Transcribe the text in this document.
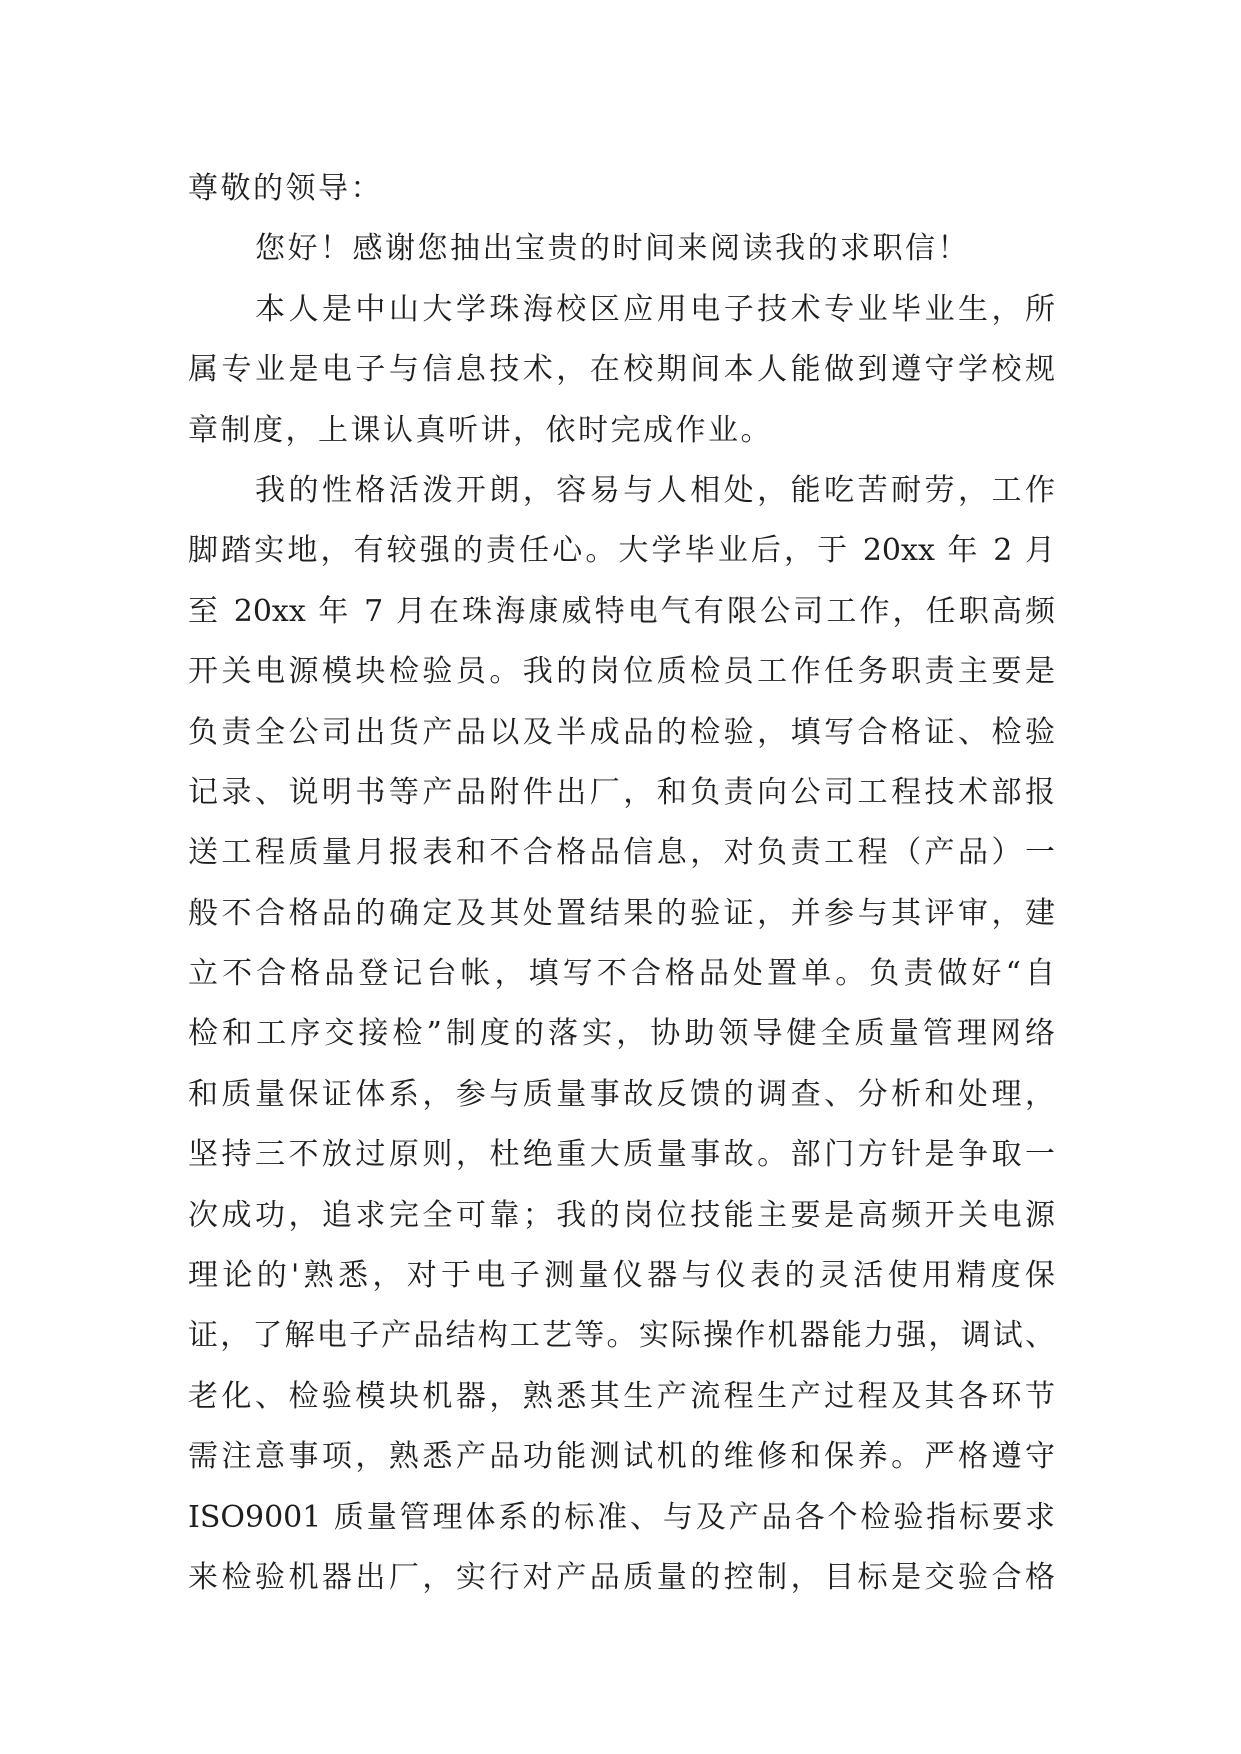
尊敬的领导：
您好！感谢您抽出宝贵的时间来阅读我的求职信！
本人是中山大学珠海校区应用电子技术专业毕业生，所
属专业是电子与信息技术，在校期间本人能做到遵守学校规
章制度，上课认真听讲，依时完成作业。
我的性格活泼开朗，容易与人相处，能吃苦耐劳，工作
脚踏实地，有较强的责任心。大学毕业后，于 20xx 年 2 月
至 20xx 年 7 月在珠海康威特电气有限公司工作，任职高频
开关电源模块检验员。我的岗位质检员工作任务职责主要是
负责全公司出货产品以及半成品的检验，填写合格证、检验
记录、说明书等产品附件出厂，和负责向公司工程技术部报
送工程质量月报表和不合格品信息，对负责工程（产品）一
般不合格品的确定及其处置结果的验证，并参与其评审，建
立不合格品登记台帐，填写不合格品处置单。负责做好“自
检和工序交接检”制度的落实，协助领导健全质量管理网络
和质量保证体系，参与质量事故反馈的调查、分析和处理，
坚持三不放过原则，杜绝重大质量事故。部门方针是争取一
次成功，追求完全可靠；我的岗位技能主要是高频开关电源
理论的'熟悉，对于电子测量仪器与仪表的灵活使用精度保
证，了解电子产品结构工艺等。实际操作机器能力强，调试、
老化、检验模块机器，熟悉其生产流程生产过程及其各环节
需注意事项，熟悉产品功能测试机的维修和保养。严格遵守
ISO9001 质量管理体系的标准、与及产品各个检验指标要求
来检验机器出厂，实行对产品质量的控制，目标是交验合格
